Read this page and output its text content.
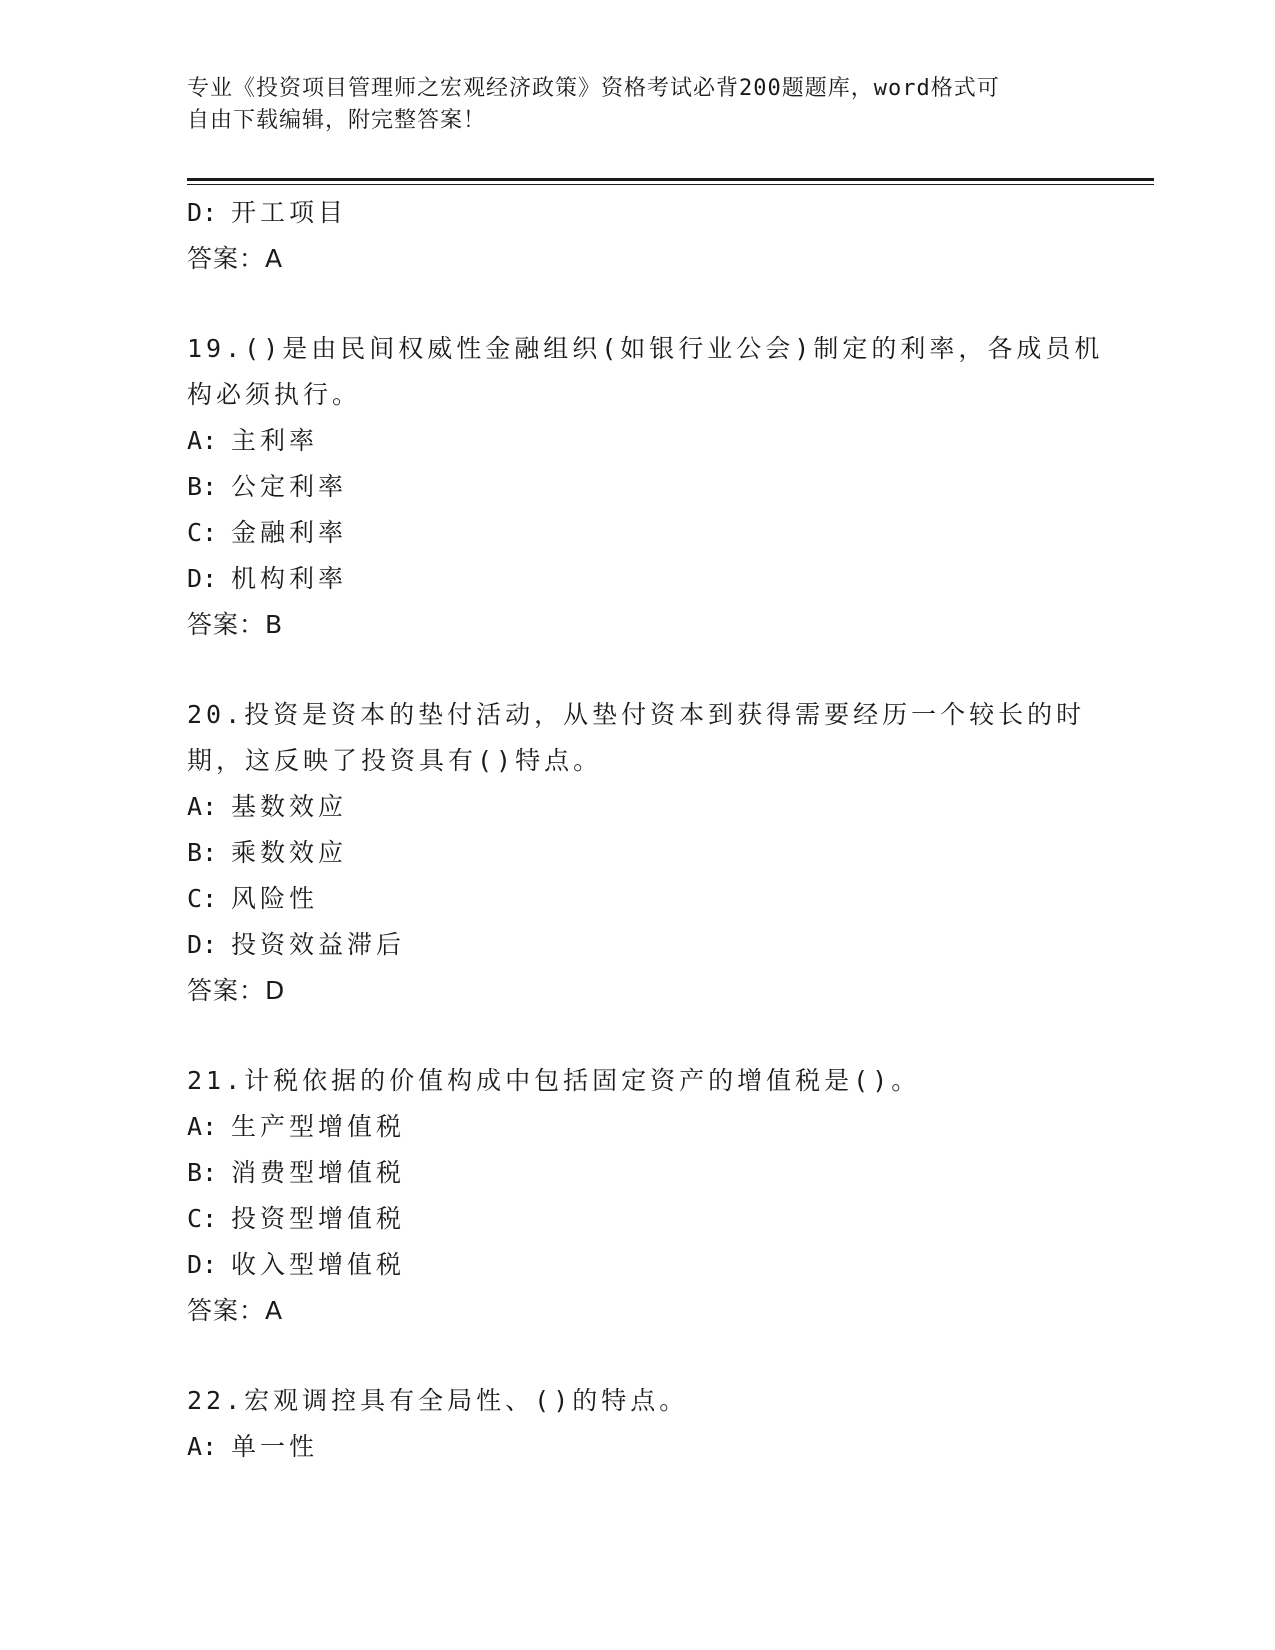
专业《投资项目管理师之宏观经济政策》资格考试必背200题题库，word格式可
自由下载编辑，附完整答案！
D: 开工项目
答案：A
19.()是由民间权威性金融组织(如银行业公会)制定的利率，各成员机
构必须执行。
A: 主利率
B: 公定利率
C: 金融利率
D: 机构利率
答案：B
20.投资是资本的垫付活动，从垫付资本到获得需要经历一个较长的时
期，这反映了投资具有()特点。
A: 基数效应
B: 乘数效应
C: 风险性
D: 投资效益滞后
答案：D
21.计税依据的价值构成中包括固定资产的增值税是()。
A: 生产型增值税
B: 消费型增值税
C: 投资型增值税
D: 收入型增值税
答案：A
22.宏观调控具有全局性、()的特点。
A: 单一性
